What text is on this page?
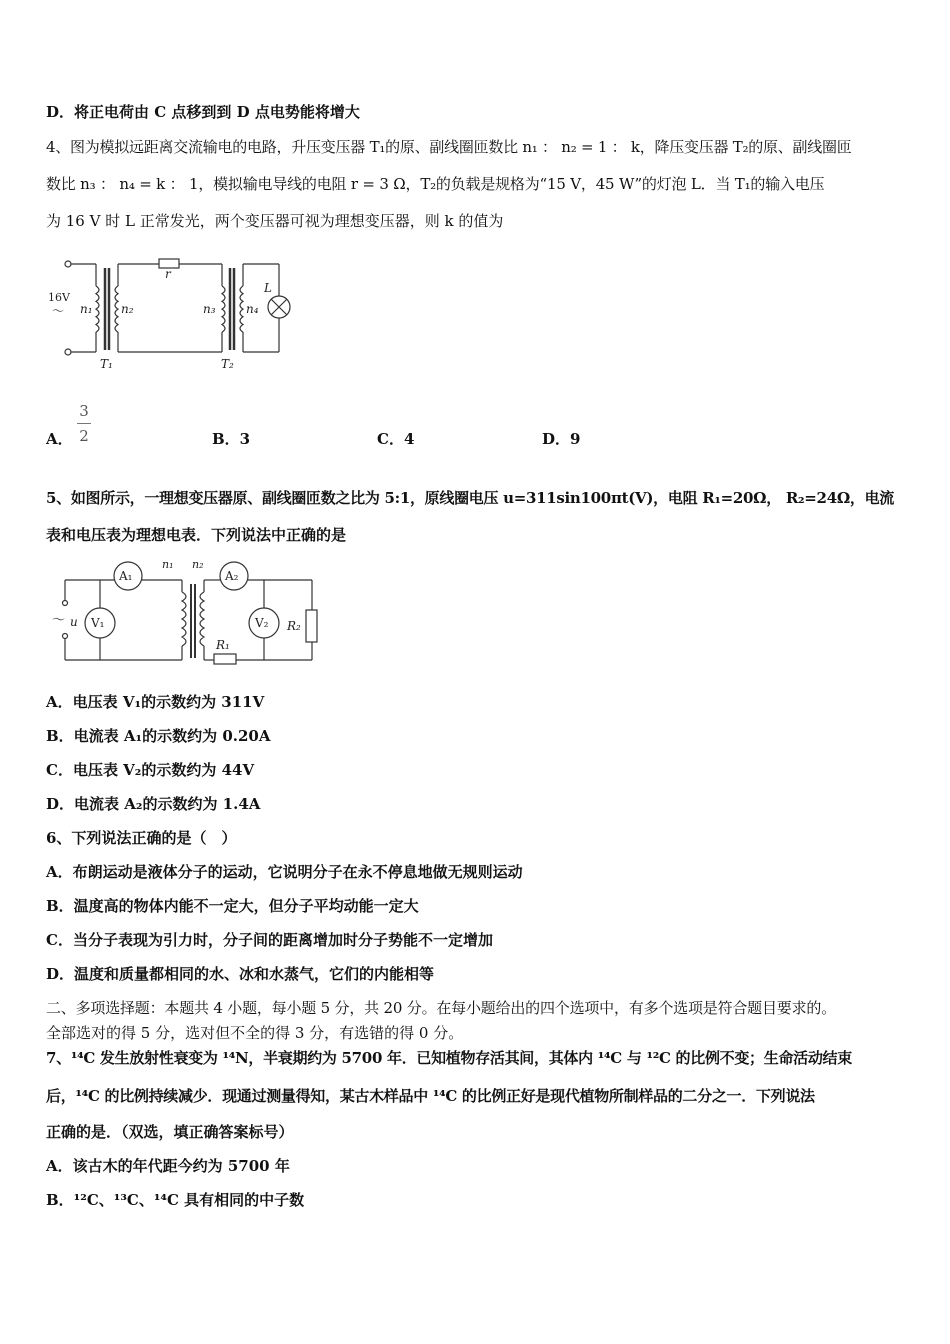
D．将正电荷由 C 点移到到 D 点电势能将增大
4、图为模拟远距离交流输电的电路，升压变压器 T₁的原、副线圈匝数比 n₁ ： n₂ = 1 ： k，降压变压器 T₂的原、副线圈匝
数比 n₃ ： n₄ = k ： 1，模拟输电导线的电阻 r = 3 Ω，T₂的负载是规格为“15 V，45 W”的灯泡 L．当 T₁的输入电压
为 16 V 时 L 正常发光，两个变压器可视为理想变压器，则 k 的值为
16V
～ n₁ n₂
r
n₃	n₄
L
T₁	T₂
A．
3
2	B．3	C．4	D．9
5、如图所示，一理想变压器原、副线圈匝数之比为 5:1，原线圈电压 u=311sin100πt(V)，电阻 R₁=20Ω， R₂=24Ω，电流
表和电压表为理想电表．下列说法中正确的是
A₁	A₂
V₁	V₂
n₁ n₂
R₁
R₂
～ u
A．电压表 V₁的示数约为 311V
B．电流表 A₁的示数约为 0.20A
C．电压表 V₂的示数约为 44V
D．电流表 A₂的示数约为 1.4A
6、下列说法正确的是（　）
A．布朗运动是液体分子的运动，它说明分子在永不停息地做无规则运动
B．温度高的物体内能不一定大，但分子平均动能一定大
C．当分子表现为引力时，分子间的距离增加时分子势能不一定增加
D．温度和质量都相同的水、冰和水蒸气，它们的内能相等
二、多项选择题：本题共 4 小题，每小题 5 分，共 20 分。在每小题给出的四个选项中，有多个选项是符合题目要求的。
全部选对的得 5 分，选对但不全的得 3 分，有选错的得 0 分。
7、¹⁴C 发生放射性衰变为 ¹⁴N，半衰期约为 5700 年．已知植物存活其间，其体内 ¹⁴C 与 ¹²C 的比例不变；生命活动结束
后，¹⁴C 的比例持续减少．现通过测量得知，某古木样品中 ¹⁴C 的比例正好是现代植物所制样品的二分之一．下列说法
正确的是．（双选，填正确答案标号）
A．该古木的年代距今约为 5700 年
B．¹²C、¹³C、¹⁴C 具有相同的中子数
